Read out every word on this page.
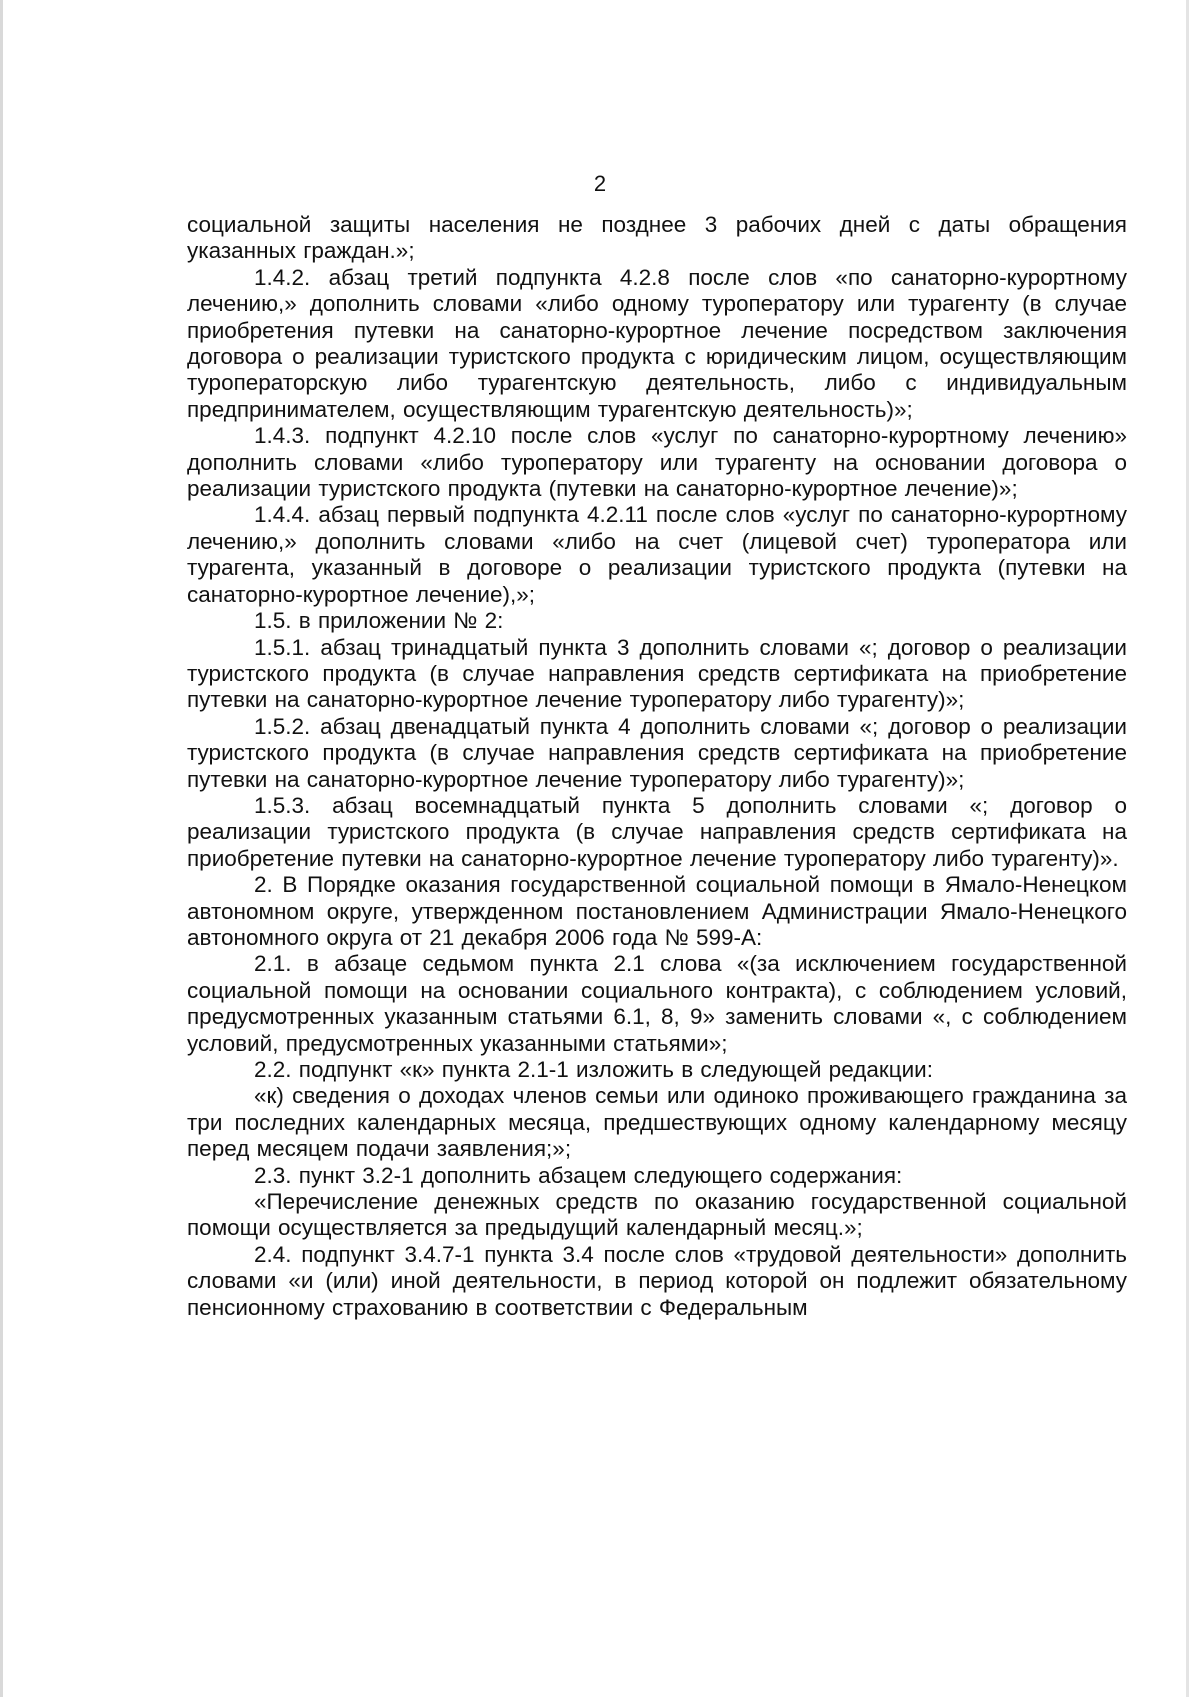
2

социальной защиты населения не позднее 3 рабочих дней с даты обращения указанных граждан.»;

1.4.2. абзац третий подпункта 4.2.8 после слов «по санаторно-курортному лечению,» дополнить словами «либо одному туроператору или турагенту (в случае приобретения путевки на санаторно-курортное лечение посредством заключения договора о реализации туристского продукта с юридическим лицом, осуществляющим туроператорскую либо турагентскую деятельность, либо с индивидуальным предпринимателем, осуществляющим турагентскую деятельность)»;

1.4.3. подпункт 4.2.10 после слов «услуг по санаторно-курортному лечению» дополнить словами «либо туроператору или турагенту на основании договора о реализации туристского продукта (путевки на санаторно-курортное лечение)»;

1.4.4. абзац первый подпункта 4.2.11 после слов «услуг по санаторно-курортному лечению,» дополнить словами «либо на счет (лицевой счет) туроператора или турагента, указанный в договоре о реализации туристского продукта (путевки на санаторно-курортное лечение),»;

1.5. в приложении № 2:

1.5.1. абзац тринадцатый пункта 3 дополнить словами «; договор о реализации туристского продукта (в случае направления средств сертификата на приобретение путевки на санаторно-курортное лечение туроператору либо турагенту)»;

1.5.2. абзац двенадцатый пункта 4 дополнить словами «; договор о реализации туристского продукта (в случае направления средств сертификата на приобретение путевки на санаторно-курортное лечение туроператору либо турагенту)»;

1.5.3. абзац восемнадцатый пункта 5 дополнить словами «; договор о реализации туристского продукта (в случае направления средств сертификата на приобретение путевки на санаторно-курортное лечение туроператору либо турагенту)».

2. В Порядке оказания государственной социальной помощи в Ямало-Ненецком автономном округе, утвержденном постановлением Администрации Ямало-Ненецкого автономного округа от 21 декабря 2006 года № 599-А:

2.1. в абзаце седьмом пункта 2.1 слова «(за исключением государственной социальной помощи на основании социального контракта), с соблюдением условий, предусмотренных указанным статьями 6.1, 8, 9» заменить словами «, с соблюдением условий, предусмотренных указанными статьями»;

2.2. подпункт «к» пункта 2.1-1 изложить в следующей редакции:

«к) сведения о доходах членов семьи или одиноко проживающего гражданина за три последних календарных месяца, предшествующих одному календарному месяцу перед месяцем подачи заявления;»;

2.3. пункт 3.2-1 дополнить абзацем следующего содержания:

«Перечисление денежных средств по оказанию государственной социальной помощи осуществляется за предыдущий календарный месяц.»;

2.4. подпункт 3.4.7-1 пункта 3.4 после слов «трудовой деятельности» дополнить словами «и (или) иной деятельности, в период которой он подлежит обязательному пенсионному страхованию в соответствии с Федеральным
